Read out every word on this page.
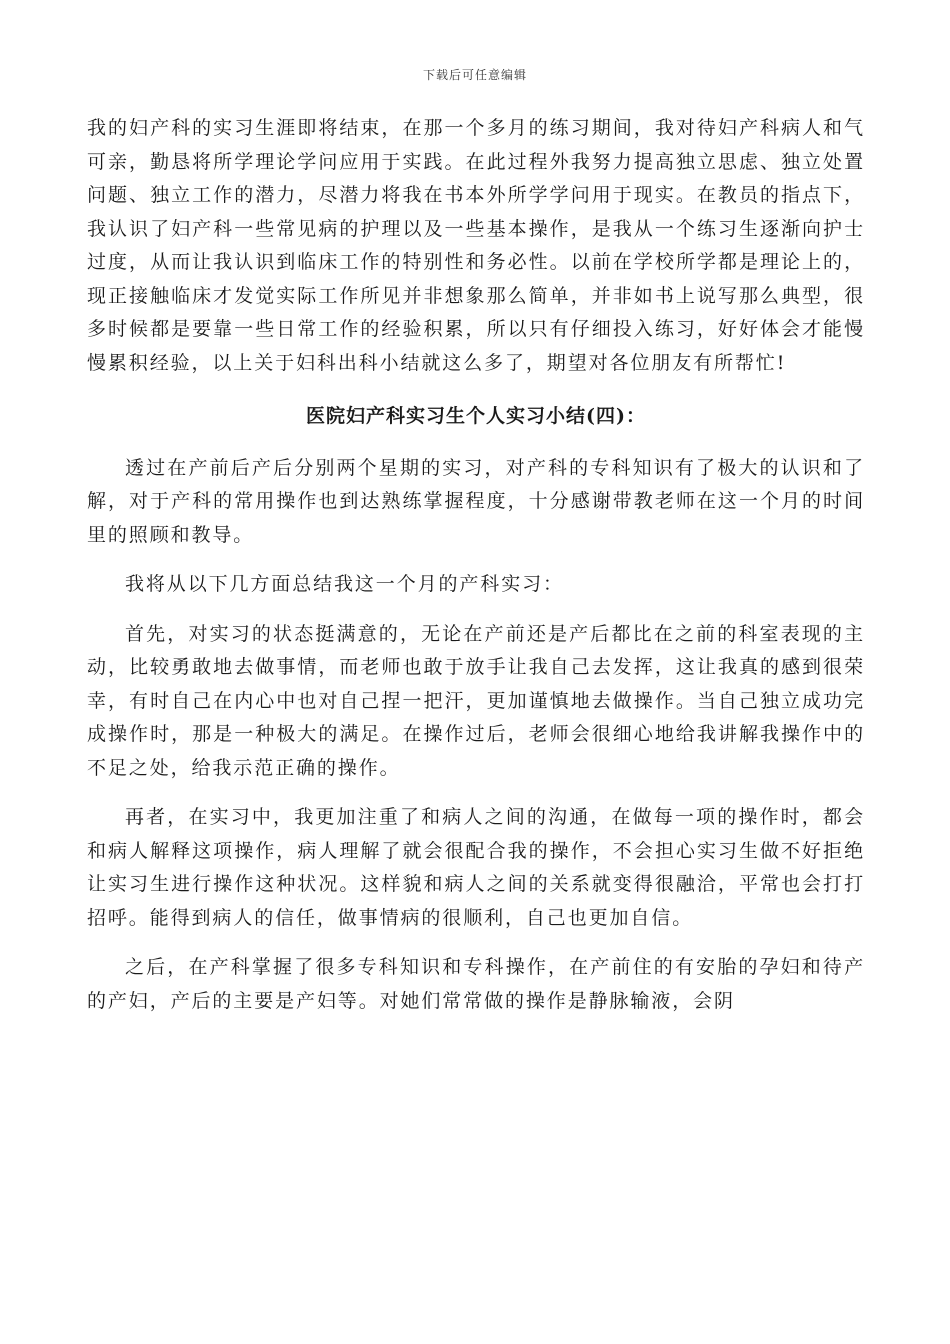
下载后可任意编辑

我的妇产科的实习生涯即将结束，在那一个多月的练习期间，我对待妇产科病人和气可亲，勤恳将所学理论学问应用于实践。在此过程外我努力提高独立思虑、独立处置问题、独立工作的潜力，尽潜力将我在书本外所学学问用于现实。在教员的指点下，我认识了妇产科一些常见病的护理以及一些基本操作，是我从一个练习生逐渐向护士过度，从而让我认识到临床工作的特别性和务必性。以前在学校所学都是理论上的，现正接触临床才发觉实际工作所见并非想象那么简单，并非如书上说写那么典型，很多时候都是要靠一些日常工作的经验积累，所以只有仔细投入练习，好好体会才能慢慢累积经验，以上关于妇科出科小结就这么多了，期望对各位朋友有所帮忙!

医院妇产科实习生个人实习小结(四)：

透过在产前后产后分别两个星期的实习，对产科的专科知识有了极大的认识和了解，对于产科的常用操作也到达熟练掌握程度，十分感谢带教老师在这一个月的时间里的照顾和教导。

我将从以下几方面总结我这一个月的产科实习：

首先，对实习的状态挺满意的，无论在产前还是产后都比在之前的科室表现的主动，比较勇敢地去做事情，而老师也敢于放手让我自己去发挥，这让我真的感到很荣幸，有时自己在内心中也对自己捏一把汗，更加谨慎地去做操作。当自己独立成功完成操作时，那是一种极大的满足。在操作过后，老师会很细心地给我讲解我操作中的不足之处，给我示范正确的操作。

再者，在实习中，我更加注重了和病人之间的沟通，在做每一项的操作时，都会和病人解释这项操作，病人理解了就会很配合我的操作，不会担心实习生做不好拒绝让实习生进行操作这种状况。这样貌和病人之间的关系就变得很融洽，平常也会打打招呼。能得到病人的信任，做事情病的很顺利，自己也更加自信。

之后，在产科掌握了很多专科知识和专科操作，在产前住的有安胎的孕妇和待产的产妇，产后的主要是产妇等。对她们常常做的操作是静脉输液，会阴
